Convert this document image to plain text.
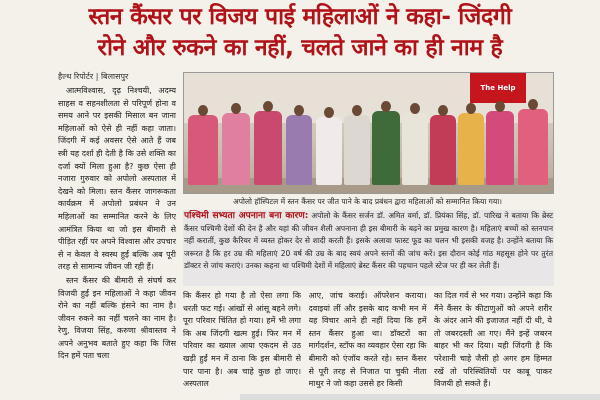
स्तन कैंसर पर विजय पाई महिलाओं ने कहा- जिंदगी
रोने और रुकने का नहीं, चलते जाने का ही नाम है
हैल्थ रिपोर्टर | बिलासपुर

आत्मविश्वास, दृढ़ निश्चयी, अदम्य साहस व सहनशीलता से परिपूर्ण होना व समय आने पर इसकी मिसाल बन जाना महिलाओं को ऐसे ही नहीं कहा जाता। जिंदगी में कई अवसर ऐसे आते हैं जब स्त्री यह दर्शा ही देती है कि उसे शक्ति का दर्जा क्यों मिला हुआ है? कुछ ऐसा ही नजारा गुरुवार को अपोलो अस्पताल में देखने को मिला। स्तन कैंसर जागरूकता कार्यक्रम में अपोलो प्रबंधन ने उन महिलाओं का सम्मानित करने के लिए आमंत्रित किया था जो इस बीमारी से पीड़ित रहीं पर अपने विश्वास और उपचार से न केवल वे स्वस्थ हुईं बल्कि अब पूरी तरह से सामान्य जीवन जी रही हैं।

स्तन कैंसर की बीमारी से संघर्ष कर विजयी हुईं इन महिलाओं ने कहा जीवन रोने का नहीं बल्कि हंसने का नाम है। जीवन रुकने का नहीं चलने का नाम है। रेणु, विजया सिंह, करुणा श्रीवास्तव ने अपने अनुभव बताते हुए कहा कि जिस दिन हमें पता चला

The Help
अपोलो हॉस्पिटल में स्तन कैंसर पर जीत पाने के बाद प्रबंधन द्वारा महिलाओं को सम्मानित किया गया।
पश्चिमी सभ्यता अपनाना बना कारण: अपोलो के कैंसर सर्जन डॉ. अमित वर्मा, डॉ. प्रियंका सिंह, डॉ. पारिख ने बताया कि ब्रेस्ट कैंसर पश्चिमी देशों की देन है और यहां की जीवन शैली अपनाना ही इस बीमारी के बढ़ने का प्रमुख कारण है। महिलाएं बच्चों को स्तनपान नहीं करातीं, कुछ कैरियर में व्यस्त होकर देर से शादी करती हैं। इसके अलावा फास्ट फूड का चलन भी इसकी वजह है। उन्होंने बताया कि जरूरत है कि हर उम्र की महिलाएं 20 वर्ष की उम्र के बाद स्वयं अपने स्तनों की जांच करें। इस दौरान कोई गांठ महसूस होने पर तुरंत डॉक्टर से जांच कराएं। उनका कहना था पश्चिमी देशों में महिलाएं ब्रेस्ट कैंसर की पहचान पहले स्टेज पर ही कर लेती हैं।
कि कैंसर हो गया है तो ऐसा लगा कि धरती फट गई। आंखों से आंसू बहने लगे। पूरा परिवार चिंतित हो गया। हमें भी लगा कि अब जिंदगी खत्म हुई। फिर मन में परिवार का ख्याल आया एकदम से उठ खड़ी हुईं मन में ठाना कि इस बीमारी से पार पाना है। अब चाहे कुछ हो जाए। अस्पताल
आए, जांच कराई। ऑपरेशन कराया। दवाइयां लीं और इसके बाद कभी मन में यह विचार आने ही नहीं दिया कि हमें स्तन कैंसर हुआ था। डॉक्टरों का मार्गदर्शन, स्टॉफ का व्यवहार ऐसा रहा कि बीमारी को एंजॉय करते रहे। स्तन कैंसर से पूरी तरह से निजात पा चुकी नीता माथुर ने जो कहा उससे हर किसी
का दिल गर्व से भर गया। उन्होंने कहा कि मैंने कैंसर के कीटाणुओं को अपने शरीर के अंदर आने की इजाजत नहीं दी थी, ये तो जबरदस्ती आ गए। मैंने इन्हें जबरन बाहर भी कर दिया। यही जिंदगी है कि परेशानी चाहे जैसी हो अगर हम हिम्मत रखें तो परिस्थितियों पर काबू पाकर विजयी हो सकते हैं।
